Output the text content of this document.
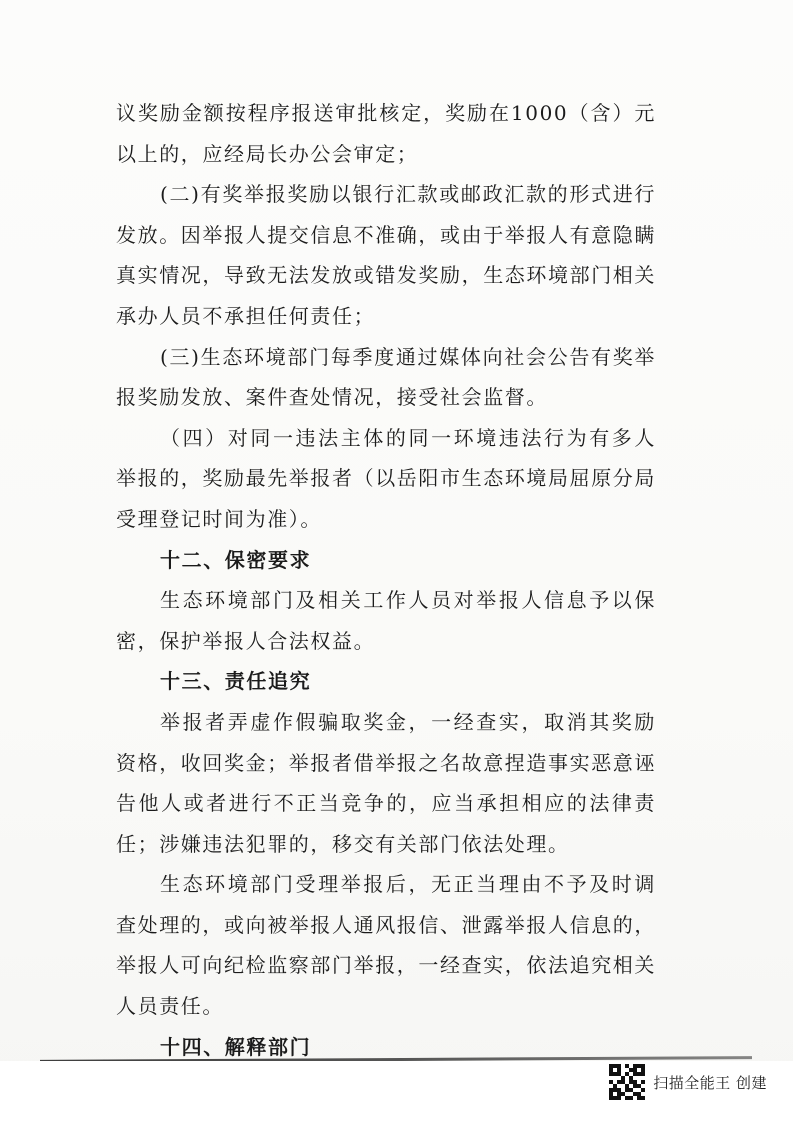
议奖励金额按程序报送审批核定，奖励在1000（含）元以上的，应经局长办公会审定；

(二)有奖举报奖励以银行汇款或邮政汇款的形式进行发放。因举报人提交信息不准确，或由于举报人有意隐瞒真实情况，导致无法发放或错发奖励，生态环境部门相关承办人员不承担任何责任；

(三)生态环境部门每季度通过媒体向社会公告有奖举报奖励发放、案件查处情况，接受社会监督。

（四）对同一违法主体的同一环境违法行为有多人举报的，奖励最先举报者（以岳阳市生态环境局屈原分局受理登记时间为准）。

十二、保密要求

生态环境部门及相关工作人员对举报人信息予以保密，保护举报人合法权益。

十三、责任追究

举报者弄虚作假骗取奖金，一经查实，取消其奖励资格，收回奖金；举报者借举报之名故意捏造事实恶意诬告他人或者进行不正当竞争的，应当承担相应的法律责任；涉嫌违法犯罪的，移交有关部门依法处理。

生态环境部门受理举报后，无正当理由不予及时调查处理的，或向被举报人通风报信、泄露举报人信息的，举报人可向纪检监察部门举报，一经查实，依法追究相关人员责任。

十四、解释部门

扫描全能王 创建
